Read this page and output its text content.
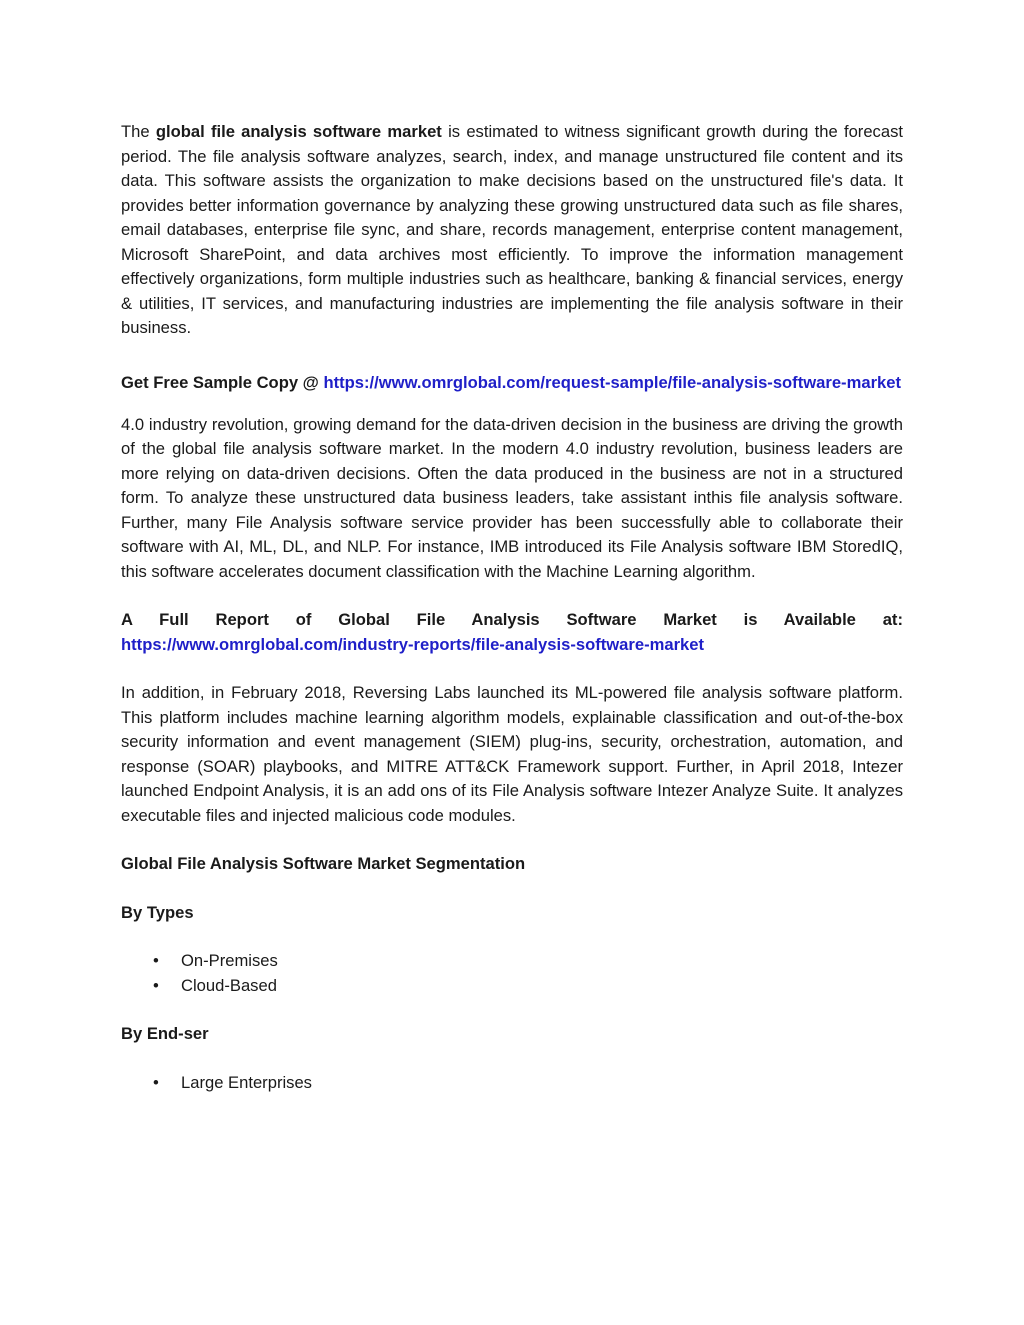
The global file analysis software market is estimated to witness significant growth during the forecast period. The file analysis software analyzes, search, index, and manage unstructured file content and its data. This software assists the organization to make decisions based on the unstructured file's data. It provides better information governance by analyzing these growing unstructured data such as file shares, email databases, enterprise file sync, and share, records management, enterprise content management, Microsoft SharePoint, and data archives most efficiently. To improve the information management effectively organizations, form multiple industries such as healthcare, banking & financial services, energy & utilities, IT services, and manufacturing industries are implementing the file analysis software in their business.

Get Free Sample Copy @ https://www.omrglobal.com/request-sample/file-analysis-software-market

4.0 industry revolution, growing demand for the data-driven decision in the business are driving the growth of the global file analysis software market. In the modern 4.0 industry revolution, business leaders are more relying on data-driven decisions. Often the data produced in the business are not in a structured form. To analyze these unstructured data business leaders, take assistant inthis file analysis software. Further, many File Analysis software service provider has been successfully able to collaborate their software with AI, ML, DL, and NLP. For instance, IMB introduced its File Analysis software IBM StoredIQ, this software accelerates document classification with the Machine Learning algorithm.

A Full Report of Global File Analysis Software Market is Available at:

https://www.omrglobal.com/industry-reports/file-analysis-software-market

In addition, in February 2018, Reversing Labs launched its ML-powered file analysis software platform. This platform includes machine learning algorithm models, explainable classification and out-of-the-box security information and event management (SIEM) plug-ins, security, orchestration, automation, and response (SOAR) playbooks, and MITRE ATT&CK Framework support. Further, in April 2018, Intezer launched Endpoint Analysis, it is an add ons of its File Analysis software Intezer Analyze Suite. It analyzes executable files and injected malicious code modules.

Global File Analysis Software Market Segmentation

By Types

• On-Premises
• Cloud-Based

By End-ser

• Large Enterprises
